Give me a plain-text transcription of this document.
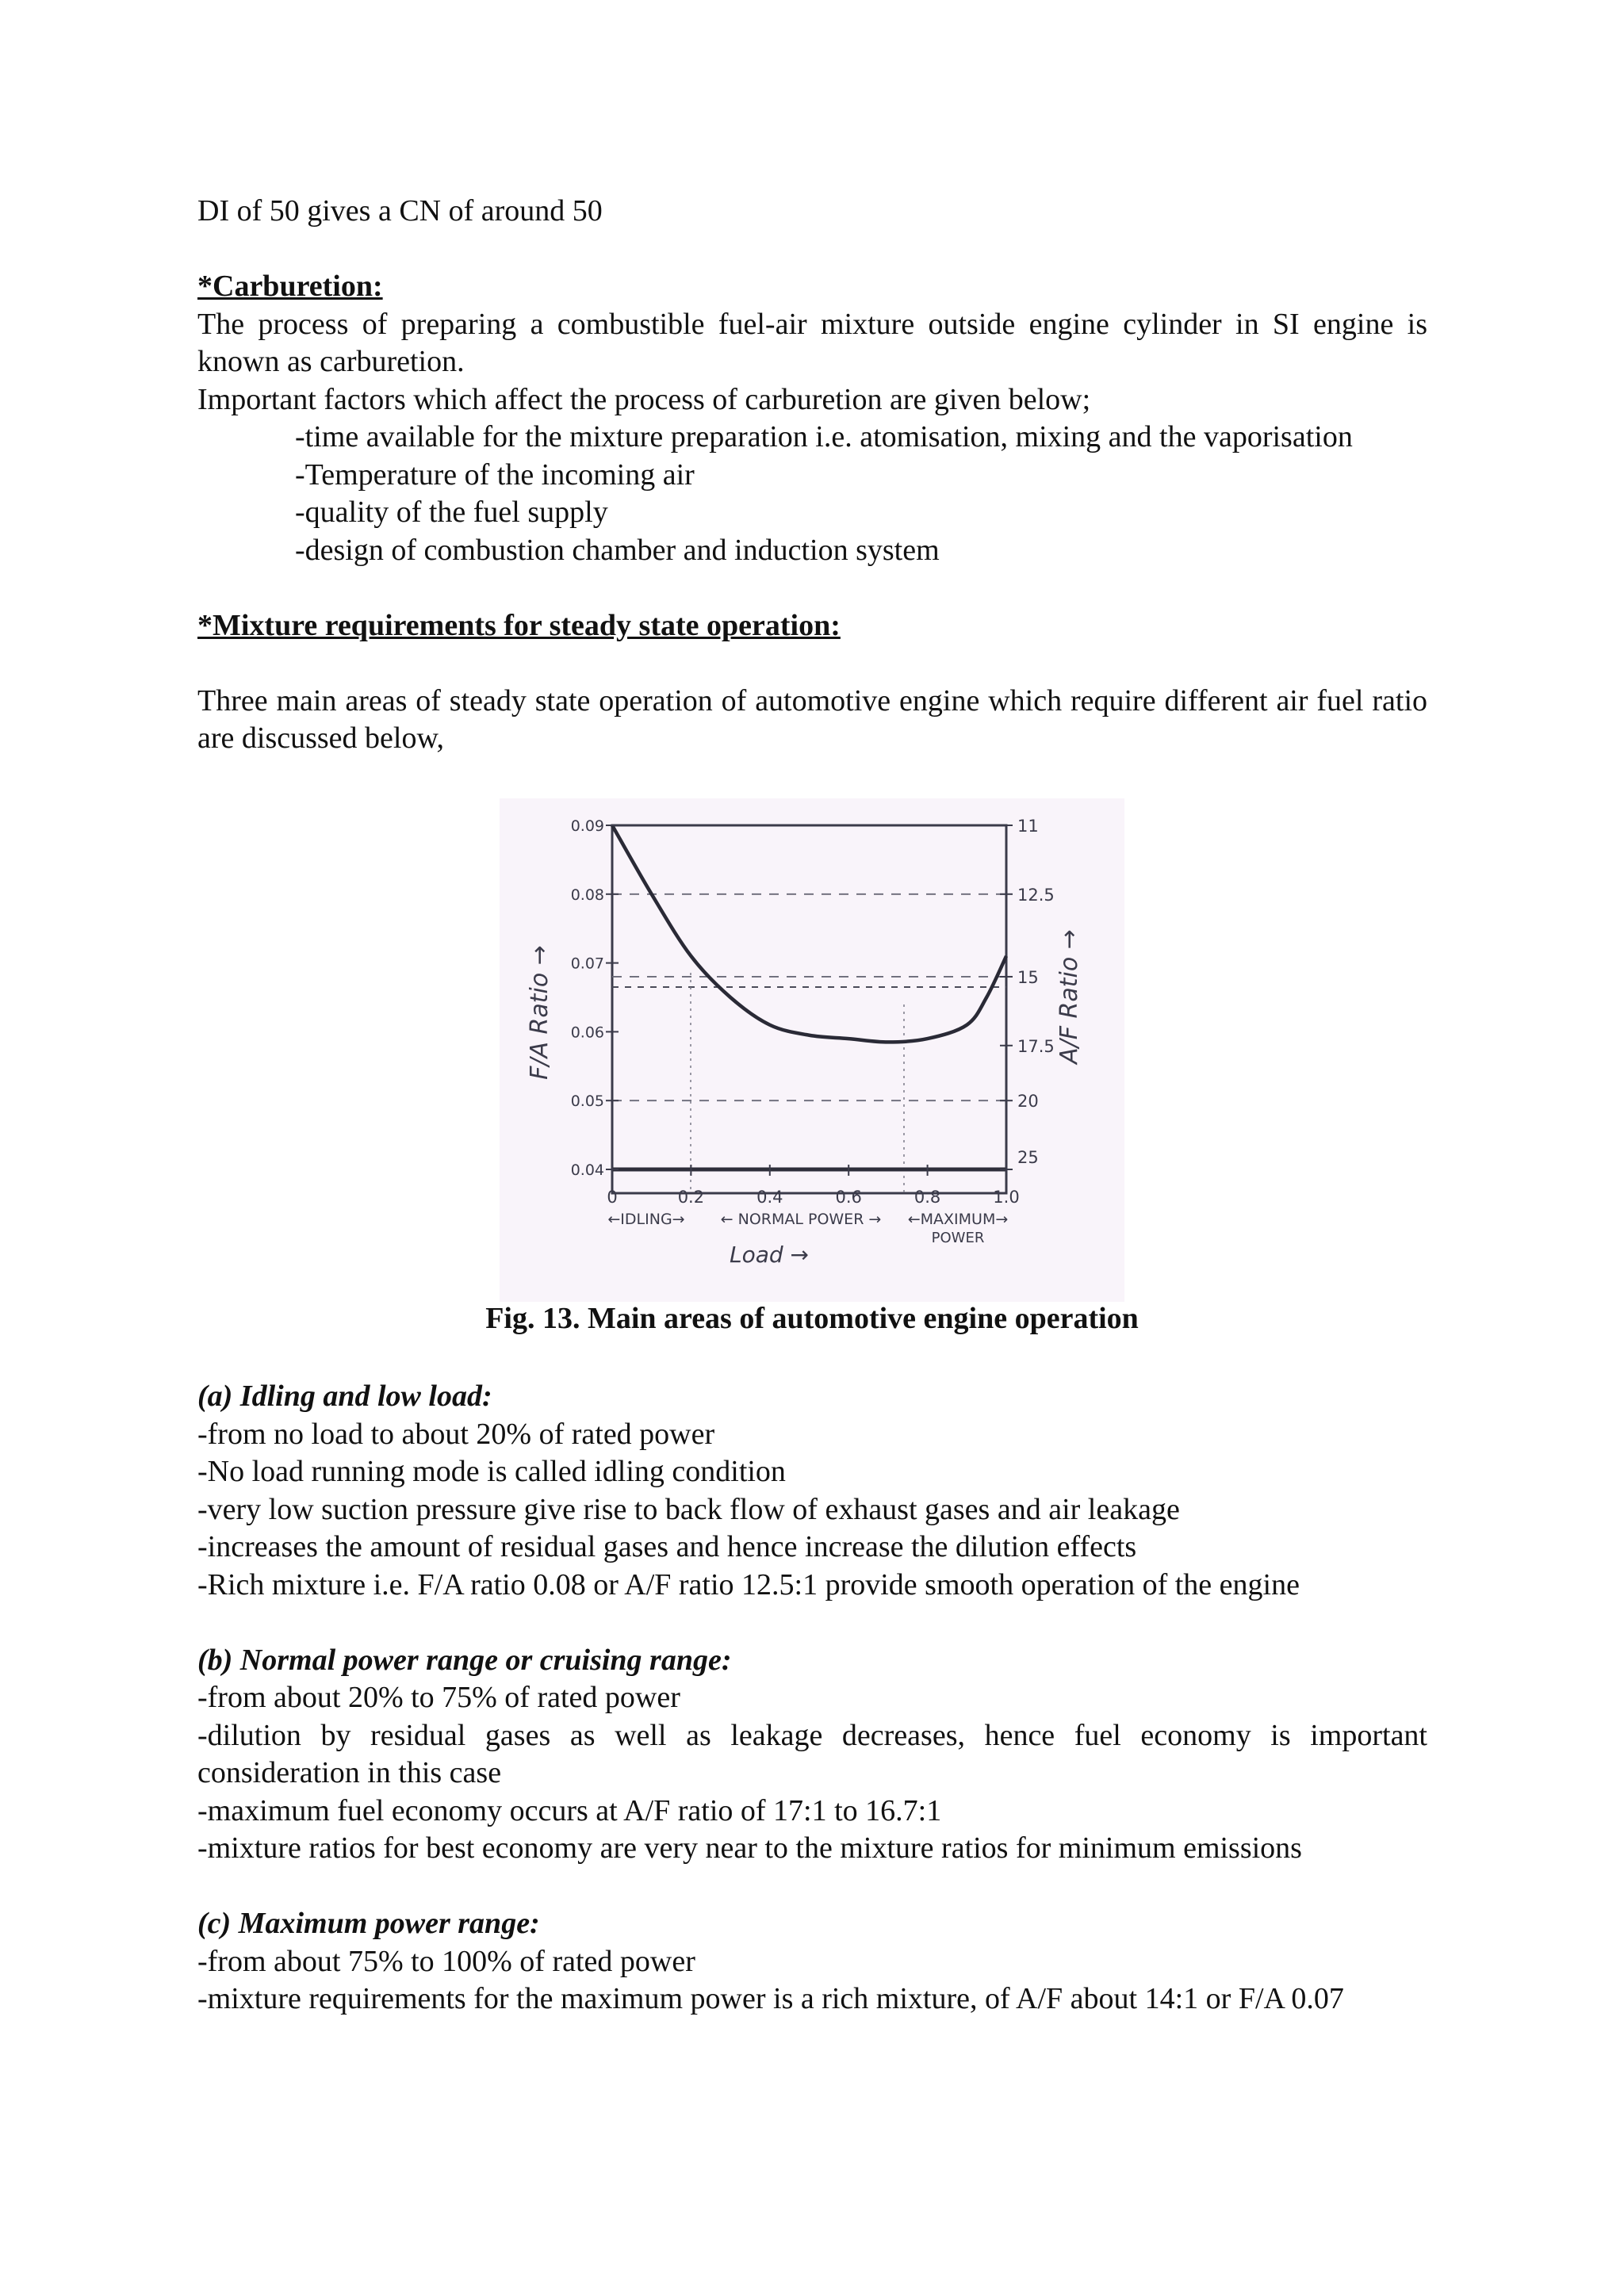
DI of 50 gives a CN of around 50

*Carburetion:

The process of preparing a combustible fuel-air mixture outside engine cylinder in SI engine is known as carburetion.

Important factors which affect the process of carburetion are given below;

-time available for the mixture preparation i.e. atomisation, mixing and the vaporisation

-Temperature of the incoming air

-quality of the fuel supply

-design of combustion chamber and induction system

*Mixture requirements for steady state operation:

Three main areas of steady state operation of automotive engine which require different air fuel ratio are discussed below,

0.09
0.08
0.07
0.06
0.05
0.04
11
12.5
15
17.5
20
25
0	0.2	0.4	0.6	0.8	1.0
F/A Ratio →	A/F Ratio →
←IDLING→ ← NORMAL POWER → ←MAXIMUM→
POWER
Load →
Fig. 13. Main areas of automotive engine operation

(a) Idling and low load:

-from no load to about 20% of rated power

-No load running mode is called idling condition

-very low suction pressure give rise to back flow of exhaust gases and air leakage

-increases the amount of residual gases and hence increase the dilution effects

-Rich mixture i.e. F/A ratio 0.08 or A/F ratio 12.5:1 provide smooth operation of the engine

(b) Normal power range or cruising range:

-from about 20% to 75% of rated power

-dilution by residual gases as well as leakage decreases, hence fuel economy is important consideration in this case

-maximum fuel economy occurs at A/F ratio of 17:1 to 16.7:1

-mixture ratios for best economy are very near to the mixture ratios for minimum emissions

(c) Maximum power range:

-from about 75% to 100% of rated power

-mixture requirements for the maximum power is a rich mixture, of A/F about 14:1 or F/A 0.07
